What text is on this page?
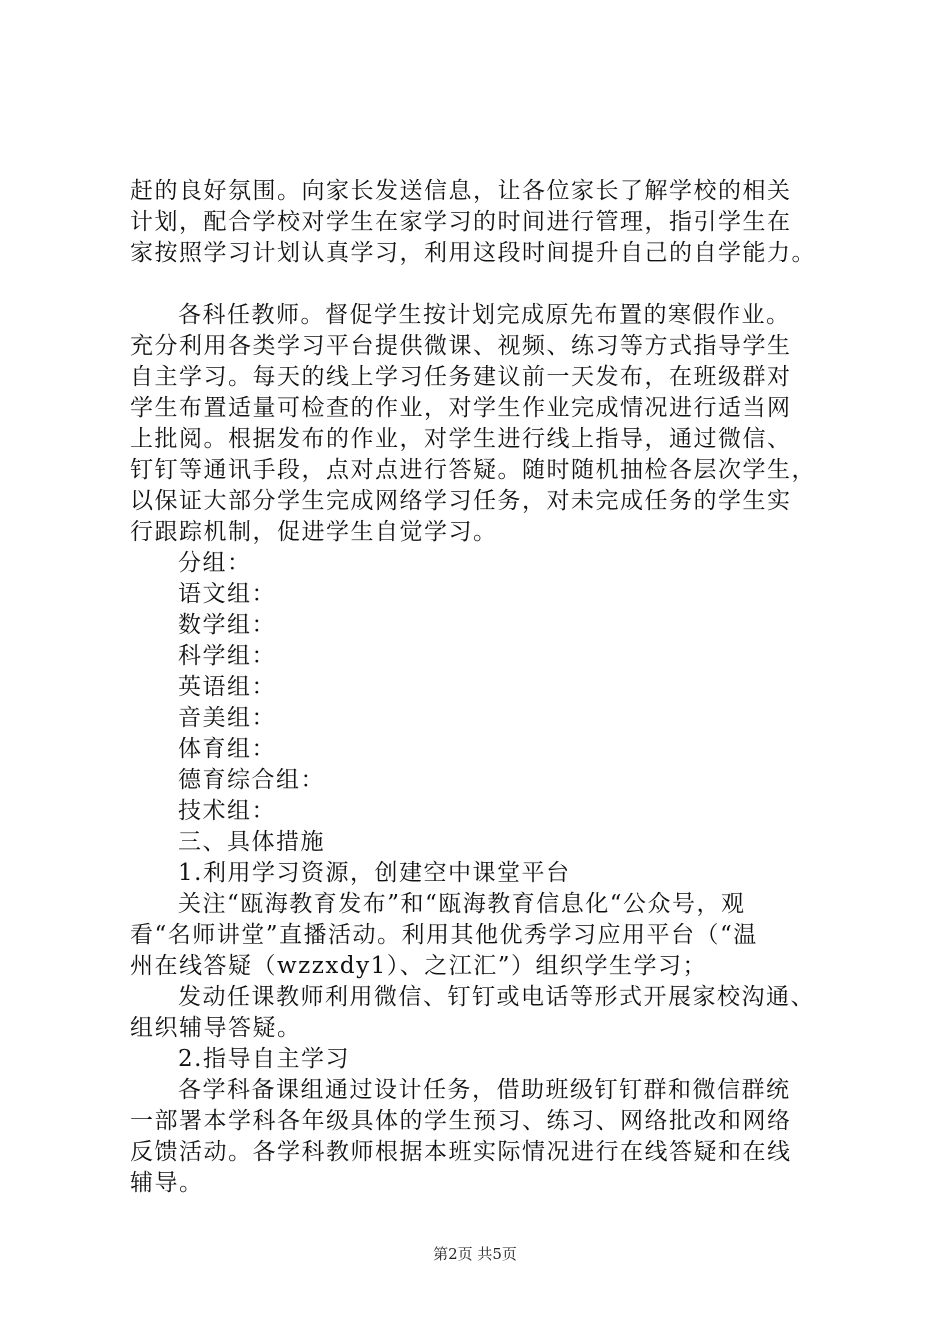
赶的良好氛围。向家长发送信息，让各位家长了解学校的相关
计划，配合学校对学生在家学习的时间进行管理，指引学生在
家按照学习计划认真学习，利用这段时间提升自己的自学能力。
各科任教师。督促学生按计划完成原先布置的寒假作业。
充分利用各类学习平台提供微课、视频、练习等方式指导学生
自主学习。每天的线上学习任务建议前一天发布，在班级群对
学生布置适量可检查的作业，对学生作业完成情况进行适当网
上批阅。根据发布的作业，对学生进行线上指导，通过微信、
钉钉等通讯手段，点对点进行答疑。随时随机抽检各层次学生，
以保证大部分学生完成网络学习任务，对未完成任务的学生实
行跟踪机制，促进学生自觉学习。
分组：
语文组：
数学组：
科学组：
英语组：
音美组：
体育组：
德育综合组：
技术组：
三、具体措施
1.利用学习资源，创建空中课堂平台
关注“瓯海教育发布”和“瓯海教育信息化“公众号，观
看“名师讲堂”直播活动。利用其他优秀学习应用平台（“温
州在线答疑（wzzxdy1）、之江汇”）组织学生学习；
发动任课教师利用微信、钉钉或电话等形式开展家校沟通、
组织辅导答疑。
2.指导自主学习
各学科备课组通过设计任务，借助班级钉钉群和微信群统
一部署本学科各年级具体的学生预习、练习、网络批改和网络
反馈活动。各学科教师根据本班实际情况进行在线答疑和在线
辅导。
第2页 共5页
